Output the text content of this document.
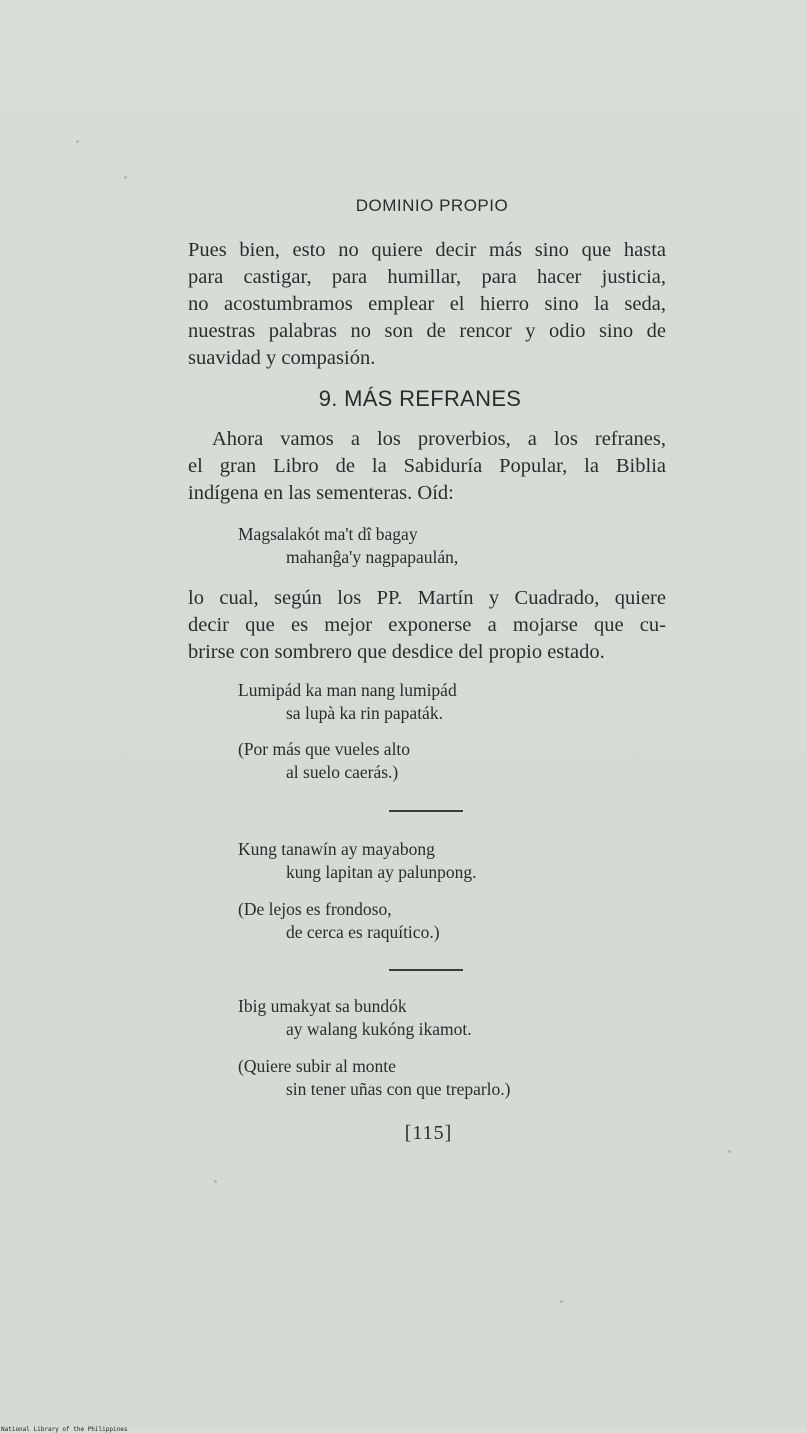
DOMINIO PROPIO

Pues bien, esto no quiere decir más sino que hasta
para castigar, para humillar, para hacer justicia,
no acostumbramos emplear el hierro sino la seda,
nuestras palabras no son de rencor y odio sino de
suavidad y compasión.

9. MÁS REFRANES

Ahora vamos a los proverbios, a los refranes,
el gran Libro de la Sabiduría Popular, la Biblia
indígena en las sementeras. Oíd:

Magsalakót ma't dî bagay
mahanĝa'y nagpapaulán,

lo cual, según los PP. Martín y Cuadrado, quiere
decir que es mejor exponerse a mojarse que cu-
brirse con sombrero que desdice del propio estado.

Lumipád ka man nang lumipád
sa lupà ka rin papaták.
(Por más que vueles alto
al suelo caerás.)
Kung tanawín ay mayabong
kung lapitan ay palunpong.
(De lejos es frondoso,
de cerca es raquítico.)
Ibig umakyat sa bundók
ay walang kukóng ikamot.
(Quiere subir al monte
sin tener uñas con que treparlo.)
[115]
National Library of the Philippines
